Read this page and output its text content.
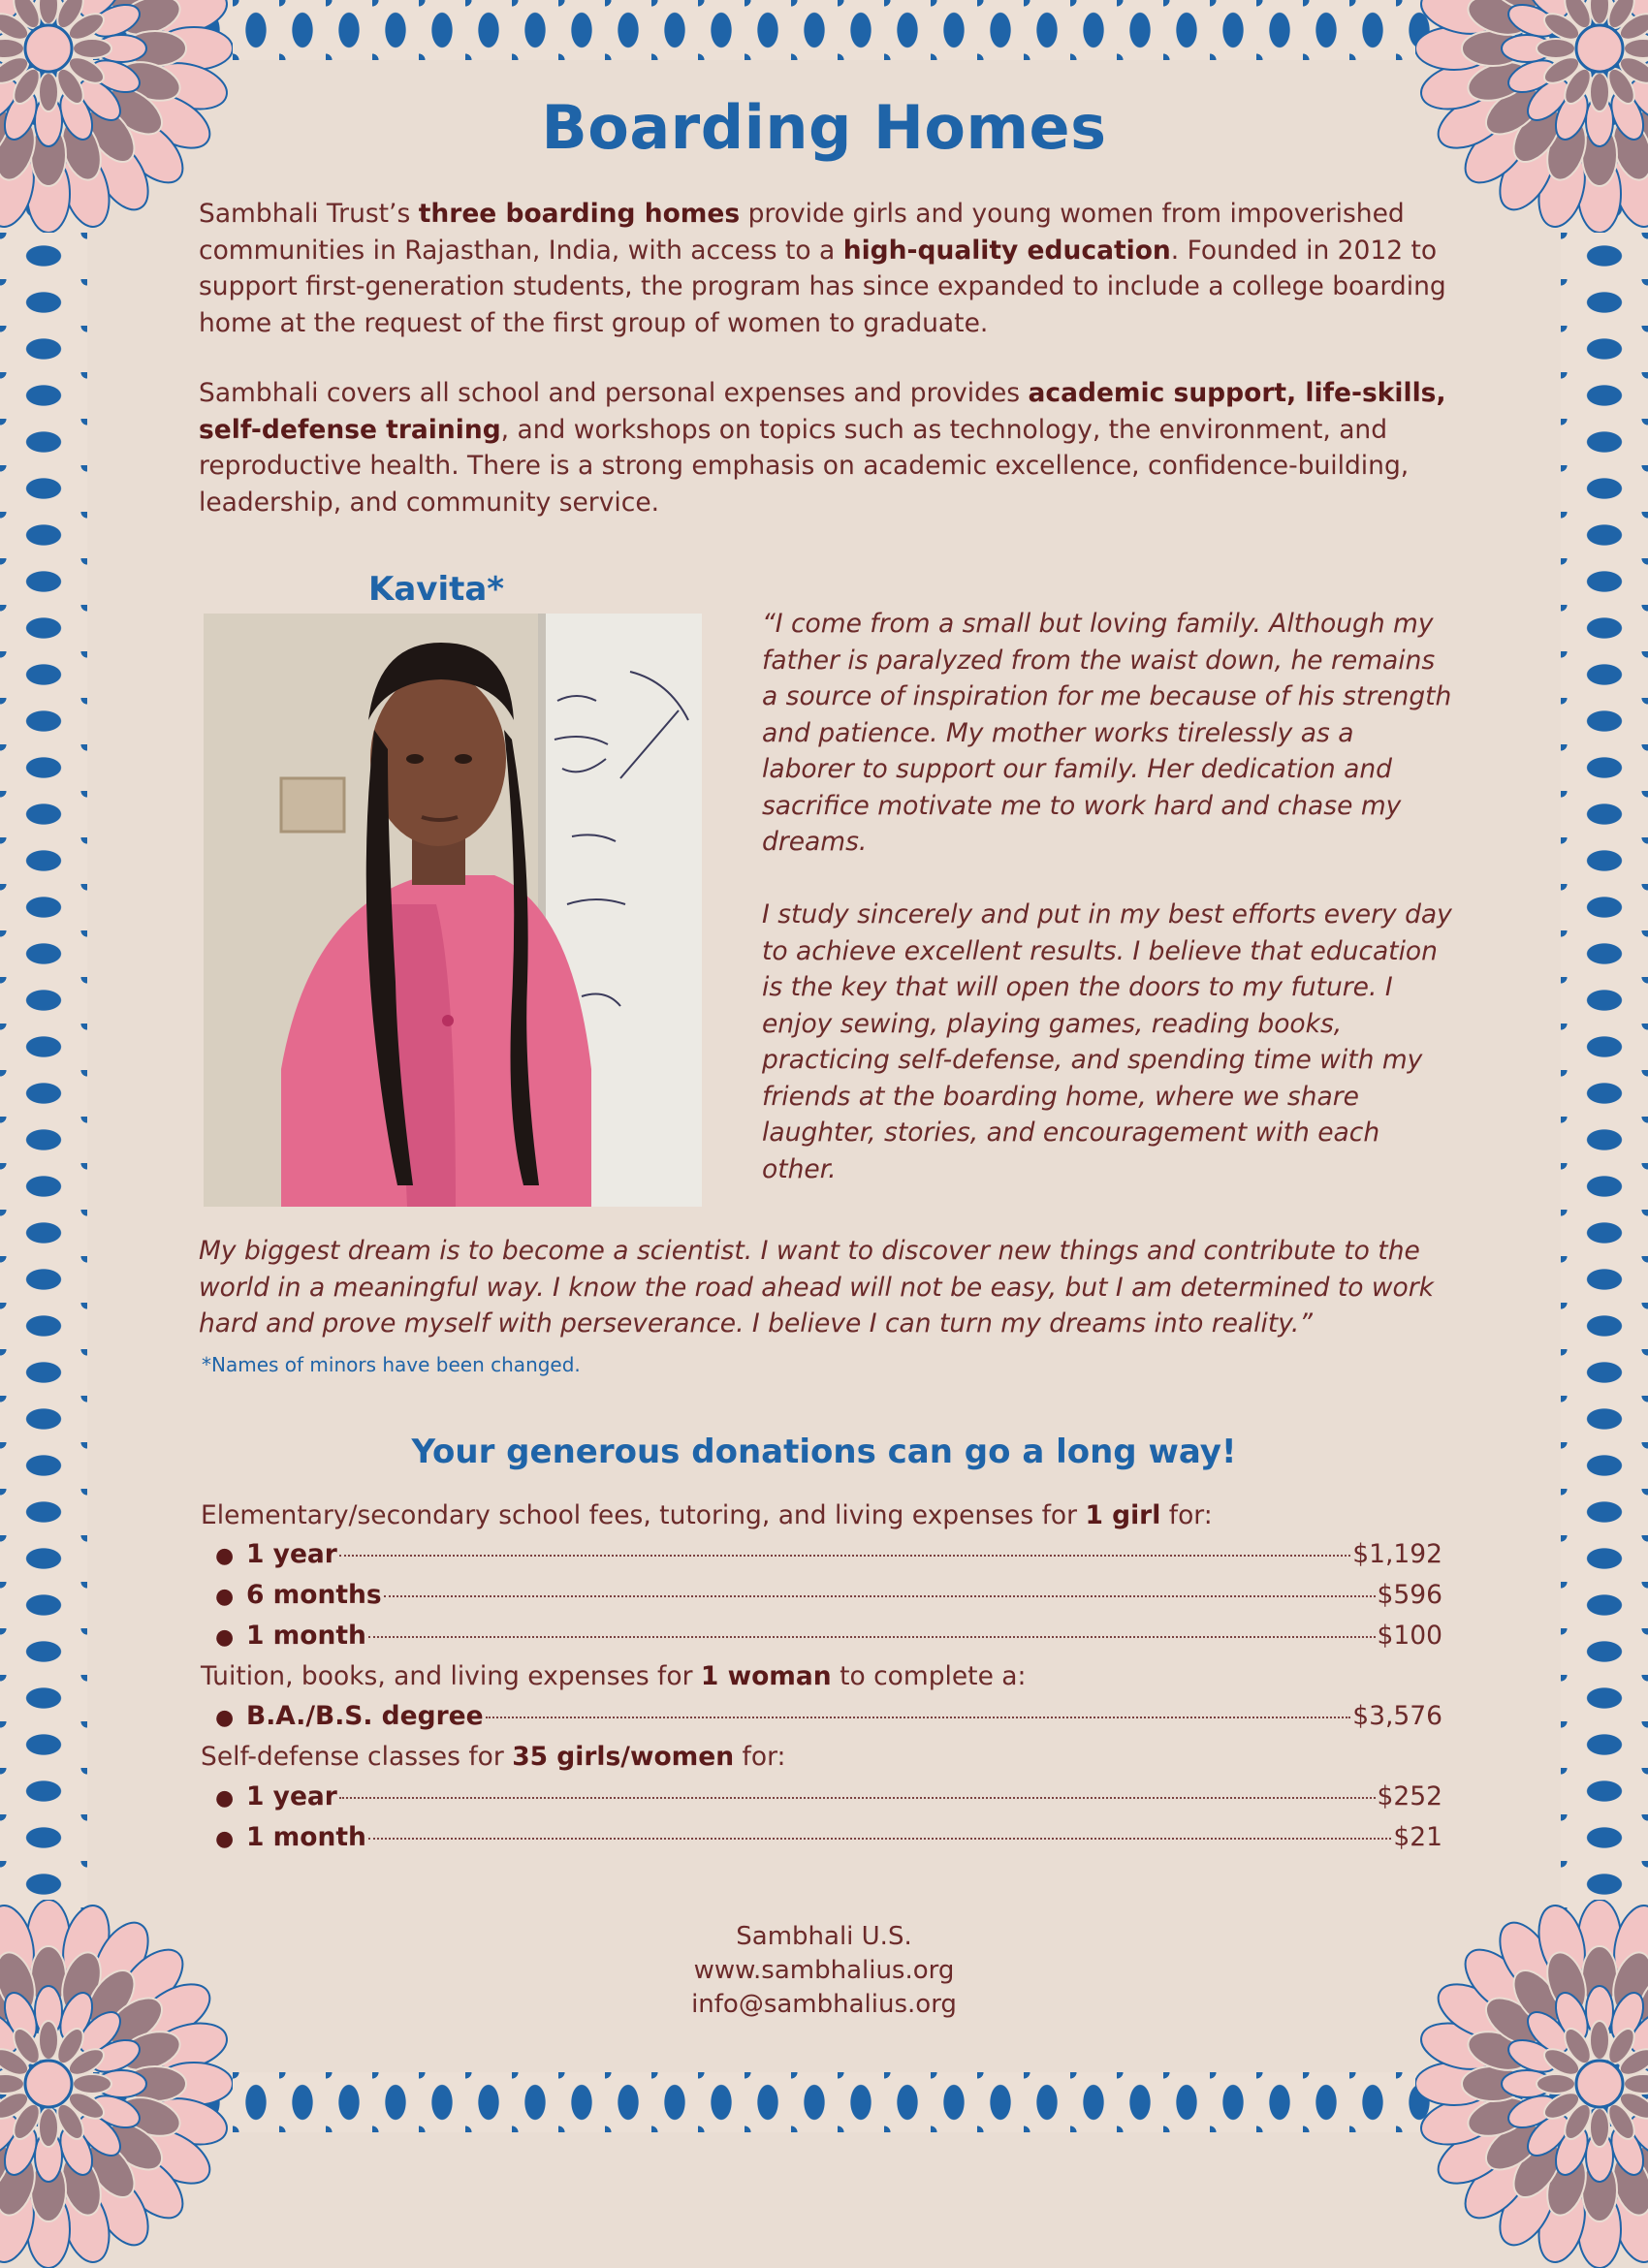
Boarding Homes

Sambhali Trust’s three boarding homes provide girls and young women from impoverished communities in Rajasthan, India, with access to a high-quality education. Founded in 2012 to support first-generation students, the program has since expanded to include a college boarding home at the request of the first group of women to graduate.

Sambhali covers all school and personal expenses and provides academic support, life-skills, self-defense training, and workshops on topics such as technology, the environment, and reproductive health. There is a strong emphasis on academic excellence, confidence-building, leadership, and community service.

Kavita*

“I come from a small but loving family. Although my father is paralyzed from the waist down, he remains a source of inspiration for me because of his strength and patience. My mother works tirelessly as a laborer to support our family. Her dedication and sacrifice motivate me to work hard and chase my dreams.

I study sincerely and put in my best efforts every day to achieve excellent results. I believe that education is the key that will open the doors to my future. I enjoy sewing, playing games, reading books, practicing self-defense, and spending time with my friends at the boarding home, where we share laughter, stories, and encouragement with each other.

My biggest dream is to become a scientist. I want to discover new things and contribute to the world in a meaningful way. I know the road ahead will not be easy, but I am determined to work hard and prove myself with perseverance. I believe I can turn my dreams into reality.”

*Names of minors have been changed.

Your generous donations can go a long way!

Elementary/secondary school fees, tutoring, and living expenses for 1 girl for:

● 1 year	$1,192
● 6 months	$596
● 1 month	$100

Tuition, books, and living expenses for 1 woman to complete a:

● B.A./B.S. degree	$3,576

Self-defense classes for 35 girls/women for:

● 1 year	$252
● 1 month	$21

Sambhali U.S.

www.sambhalius.org

info@sambhalius.org
